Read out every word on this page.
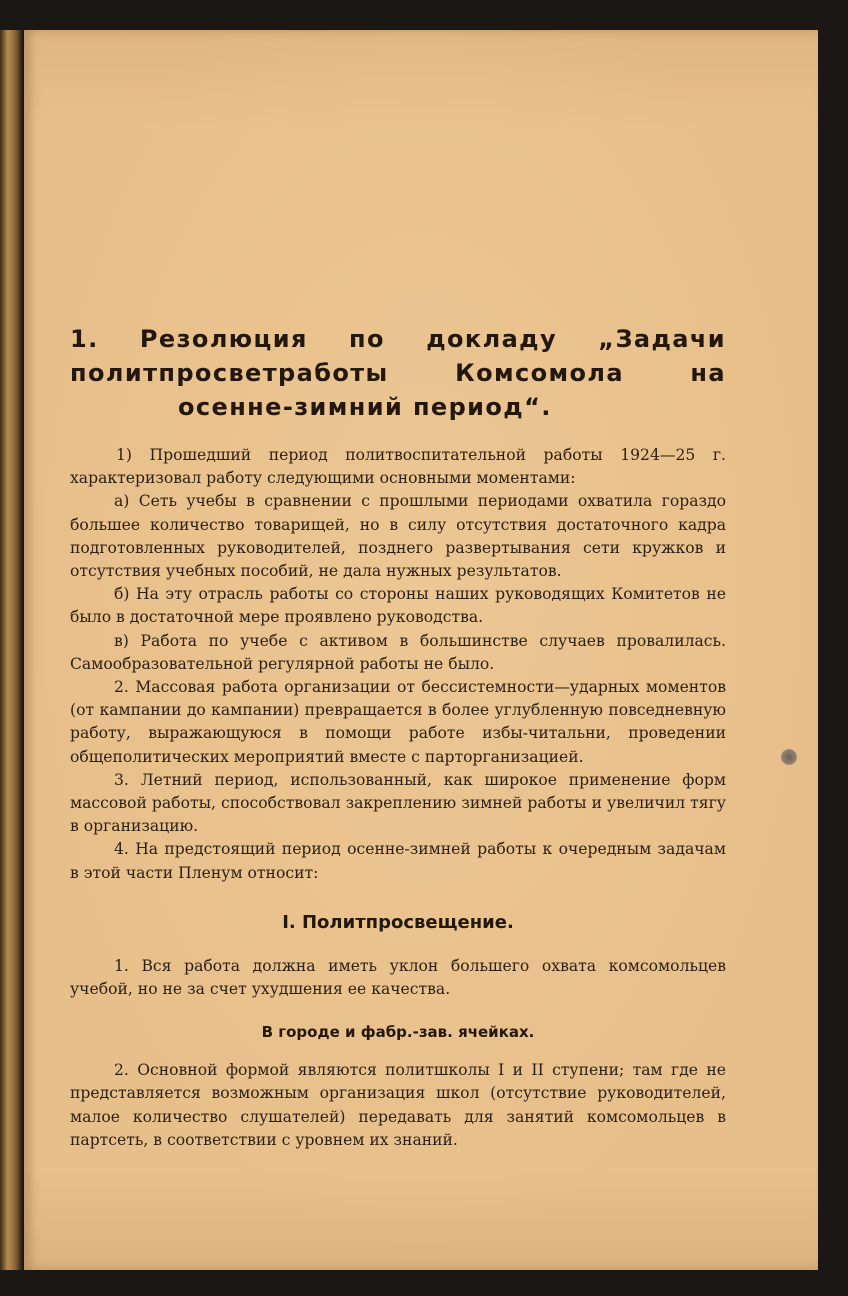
1. Резолюция по докладу „Задачи
политпросветработы Комсомола на
осенне-зимний период“.

1) Прошедший период политвоспитательной работы 1924—25 г. характеризовал работу следующими основными моментами:

а) Сеть учебы в сравнении с прошлыми периодами охватила гораздо большее количество товарищей, но в силу отсутствия достаточного кадра подготовленных руководителей, позднего развертывания сети кружков и отсутствия учебных пособий, не дала нужных результатов.

б) На эту отрасль работы со стороны наших руководящих Комитетов не было в достаточной мере проявлено руководства.

в) Работа по учебе с активом в большинстве случаев провалилась. Самообразовательной регулярной работы не было.

2. Массовая работа организации от бессистемности—ударных моментов (от кампании до кампании) превращается в более углубленную повседневную работу, выражающуюся в помощи работе избы-читальни, проведении общеполитических мероприятий вместе с парторганизацией.

3. Летний период, использованный, как широкое применение форм массовой работы, способствовал закреплению зимней работы и увеличил тягу в организацию.

4. На предстоящий период осенне-зимней работы к очередным задачам в этой части Пленум относит:

I. Политпросвещение.

1. Вся работа должна иметь уклон большего охвата комсомольцев учебой, но не за счет ухудшения ее качества.

В городе и фабр.-зав. ячейках.

2. Основной формой являются политшколы I и II ступени; там где не представляется возможным организация школ (отсутствие руководителей, малое количество слушателей) передавать для занятий комсомольцев в партсеть, в соответствии с уровнем их знаний.
